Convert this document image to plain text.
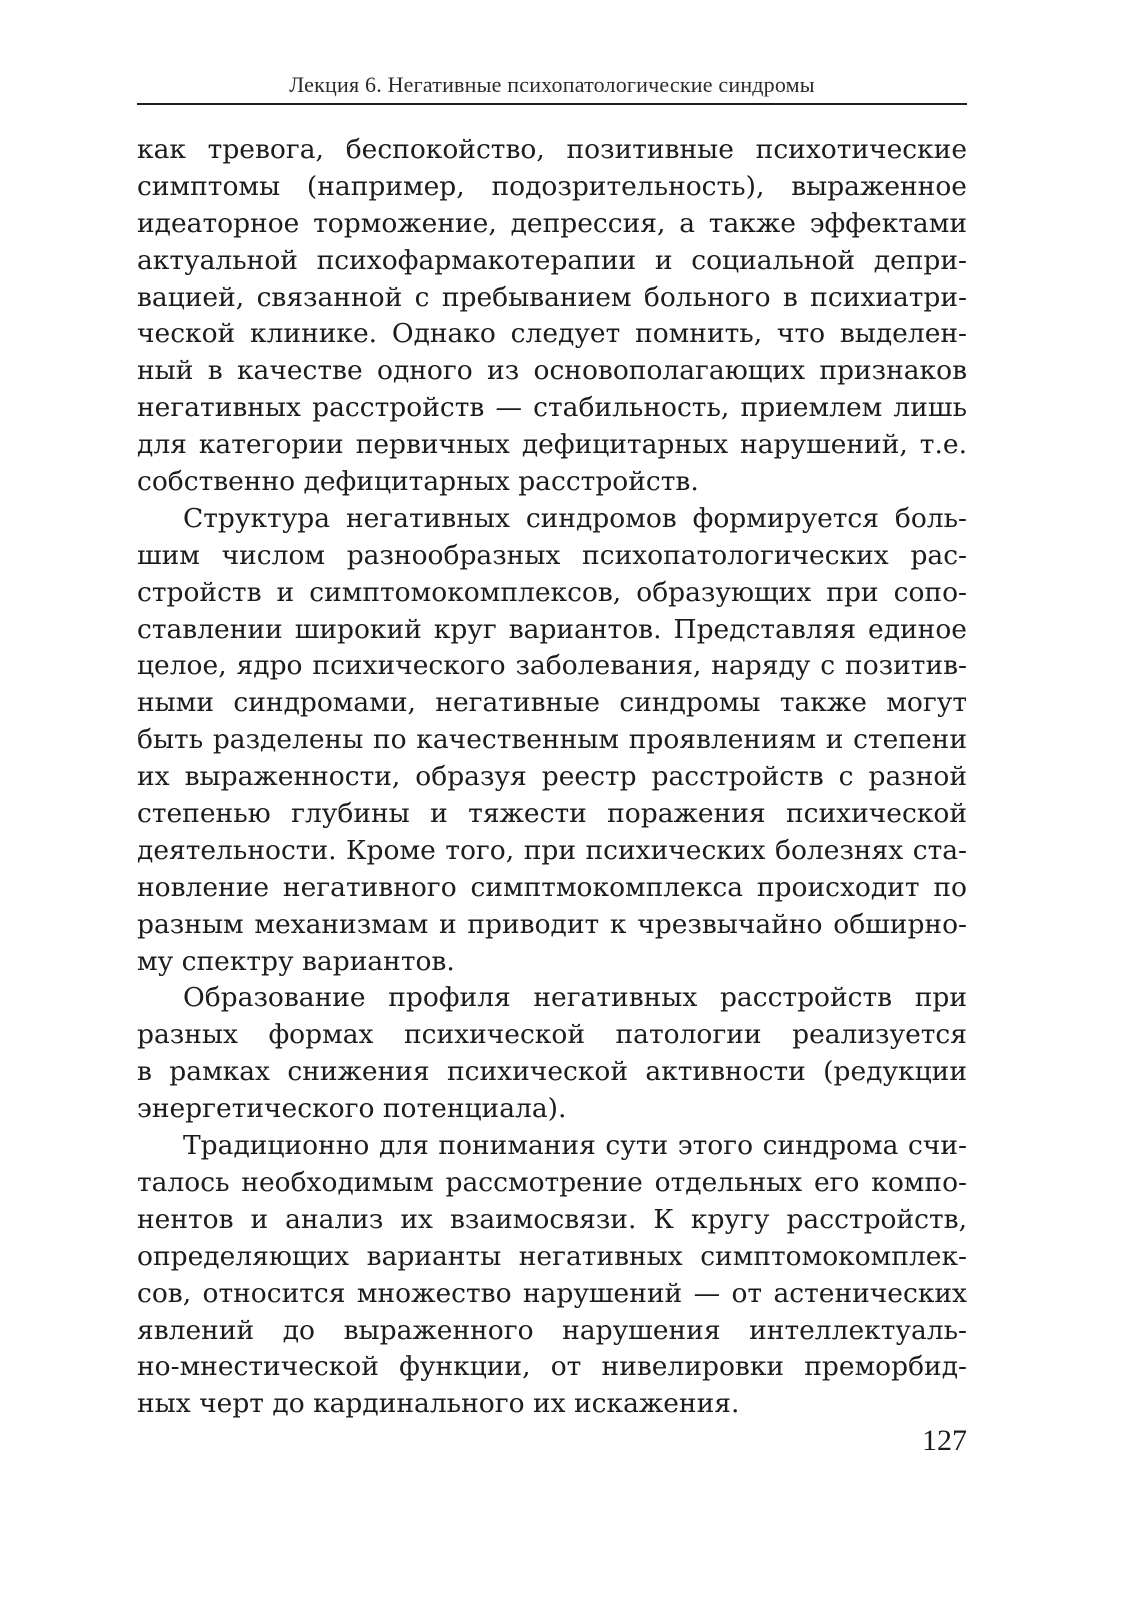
Лекция 6. Негативные психопатологические синдромы
как тревога, беспокойство, позитивные психотические
симптомы (например, подозрительность), выраженное
идеаторное торможение, депрессия, а также эффектами
актуальной психофармакотерапии и социальной депри-
вацией, связанной с пребыванием больного в психиатри-
ческой клинике. Однако следует помнить, что выделен-
ный в качестве одного из основополагающих признаков
негативных расстройств — стабильность, приемлем лишь
для категории первичных дефицитарных нарушений, т.е.
собственно дефицитарных расстройств.
Структура негативных синдромов формируется боль-
шим числом разнообразных психопатологических рас-
стройств и симптомокомплексов, образующих при сопо-
ставлении широкий круг вариантов. Представляя единое
целое, ядро психического заболевания, наряду с позитив-
ными синдромами, негативные синдромы также могут
быть разделены по качественным проявлениям и степени
их выраженности, образуя реестр расстройств с разной
степенью глубины и тяжести поражения психической
деятельности. Кроме того, при психических болезнях ста-
новление негативного симптмокомплекса происходит по
разным механизмам и приводит к чрезвычайно обширно-
му спектру вариантов.
Образование профиля негативных расстройств при
разных формах психической патологии реализуется
в рамках снижения психической активности (редукции
энергетического потенциала).
Традиционно для понимания сути этого синдрома счи-
талось необходимым рассмотрение отдельных его компо-
нентов и анализ их взаимосвязи. К кругу расстройств,
определяющих варианты негативных симптомокомплек-
сов, относится множество нарушений — от астенических
явлений до выраженного нарушения интеллектуаль-
но-мнестической функции, от нивелировки преморбид-
ных черт до кардинального их искажения.
127
